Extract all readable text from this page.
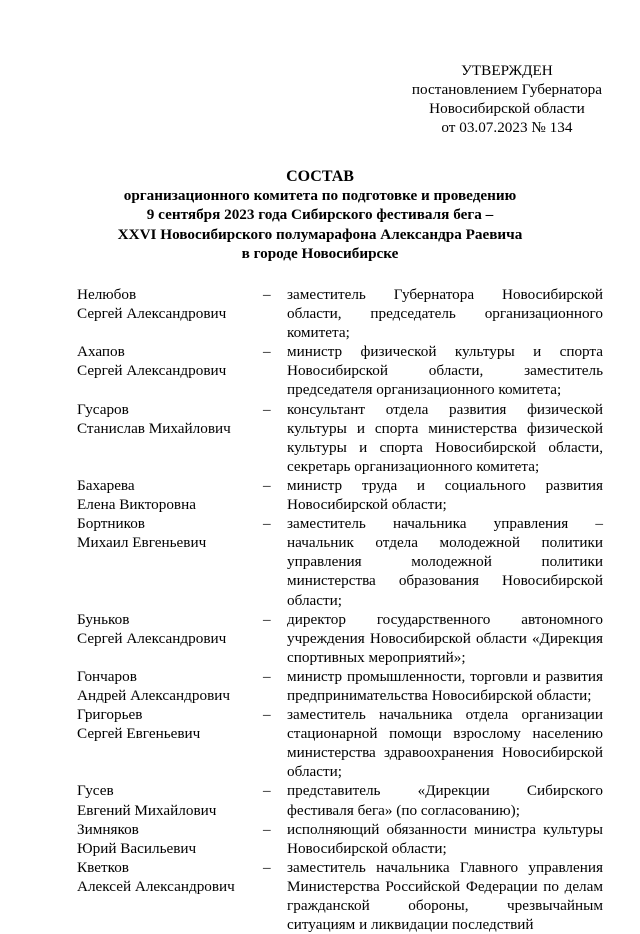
УТВЕРЖДЕН
постановлением Губернатора
Новосибирской области
от 03.07.2023 № 134
СОСТАВ
организационного комитета по подготовке и проведению
9 сентября 2023 года Сибирского фестиваля бега –
XXVI Новосибирского полумарафона Александра Раевича
в городе Новосибирске
Нелюбов
Сергей Александрович
–	заместитель Губернатора Новосибирской области, председатель организационного комитета;
Ахапов
Сергей Александрович
–	министр физической культуры и спорта Новосибирской области, заместитель председателя организационного комитета;
Гусаров
Станислав Михайлович
–	консультант отдела развития физической культуры и спорта министерства физической культуры и спорта Новосибирской области, секретарь организационного комитета;
Бахарева
Елена Викторовна
–	министр труда и социального развития Новосибирской области;
Бортников
Михаил Евгеньевич
–	заместитель начальника управления – начальник отдела молодежной политики управления молодежной политики министерства образования Новосибирской области;
Буньков
Сергей Александрович
–	директор государственного автономного учреждения Новосибирской области «Дирекция спортивных мероприятий»;
Гончаров
Андрей Александрович
–	министр промышленности, торговли и развития предпринимательства Новосибирской области;
Григорьев
Сергей Евгеньевич
–	заместитель начальника отдела организации стационарной помощи взрослому населению министерства здравоохранения Новосибирской области;
Гусев
Евгений Михайлович
–	представитель «Дирекции Сибирского фестиваля бега» (по согласованию);
Зимняков
Юрий Васильевич
–	исполняющий обязанности министра культуры Новосибирской области;
Кветков
Алексей Александрович
–	заместитель начальника Главного управления Министерства Российской Федерации по делам гражданской обороны, чрезвычайным ситуациям и ликвидации последствий
